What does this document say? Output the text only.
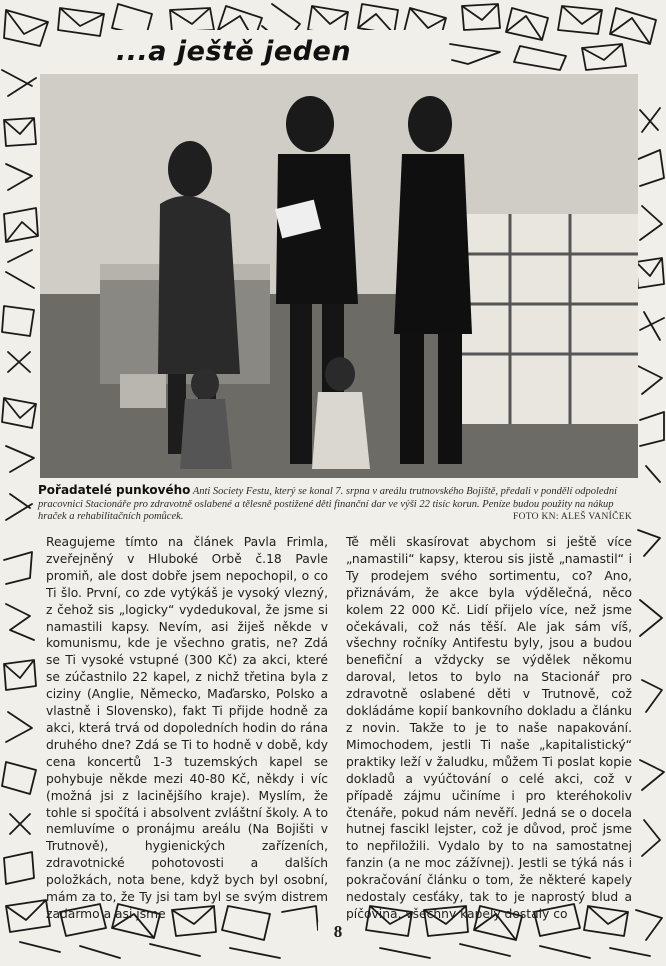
...a ještě jeden
Pořadatelé punkového Anti Society Festu, který se konal 7. srpna v areálu trutnovského Bojiště, předali v pondělí odpolední pracovnici Stacionáře pro zdravotně oslabené a tělesně postižené děti finanční dar ve výši 22 tisíc korun. Peníze budou použity na nákup hraček a rehabilitačních pomůcek.	FOTO KN: ALEŠ VANÍČEK

Reagujeme tímto na článek Pavla Frimla, zveřejněný v Hluboké Orbě č.18 Pavle promiň, ale dost dobře jsem nepochopil, o co Ti šlo. První, co zde vytýkáš je vysoký vlezný, z čehož sis „logicky“ vydedukoval, že jsme si namastili kapsy. Nevím, asi žiješ někde v komunismu, kde je všechno gratis, ne? Zdá se Ti vysoké vstupné (300 Kč) za akci, které se zúčastnilo 22 kapel, z nichž třetina byla z ciziny (Anglie, Německo, Maďarsko, Polsko a vlastně i Slovensko), fakt Ti přijde hodně za akci, která trvá od dopoledních hodin do rána druhého dne? Zdá se Ti to hodně v době, kdy cena koncertů 1-3 tuzemských kapel se pohybuje někde mezi 40-80 Kč, někdy i víc (možná jsi z lacinějšího kraje). Myslím, že tohle si spočítá i absolvent zvláštní školy. A to nemluvíme o pronájmu areálu (Na Bojišti v Trutnově), hygienických zařízeních, zdravotnické pohotovosti a dalších položkách, nota bene, když bych byl osobní, mám za to, že Ty jsi tam byl se svým distrem zadarmo a asi jsme

Tě měli skasírovat abychom si ještě více „namastili“ kapsy, kterou sis jistě „namastil“ i Ty prodejem svého sortimentu, co? Ano, přiznávám, že akce byla výdělečná, něco kolem 22 000 Kč. Lidí přijelo více, než jsme očekávali, což nás těší. Ale jak sám víš, všechny ročníky Antifestu byly, jsou a budou benefiční a vždycky se výdělek někomu daroval, letos to bylo na Stacionář pro zdravotně oslabené děti v Trutnově, což dokládáme kopií bankovního dokladu a článku z novin. Takže to je to naše napakování. Mimochodem, jestli Ti naše „kapitalistický“ praktiky leží v žaludku, můžem Ti poslat kopie dokladů a vyúčtování o celé akci, což v případě zájmu učiníme i pro kteréhokoliv čtenáře, pokud nám nevěří. Jedná se o docela hutnej fascikl lejster, což je důvod, proč jsme to nepřiložili. Vydalo by to na samostatnej fanzin (a ne moc zážívnej). Jestli se týká nás i pokračování článku o tom, že některé kapely nedostaly cesťáky, tak to je naprostý blud a píčovina, všechny kapely dostaly co

8
